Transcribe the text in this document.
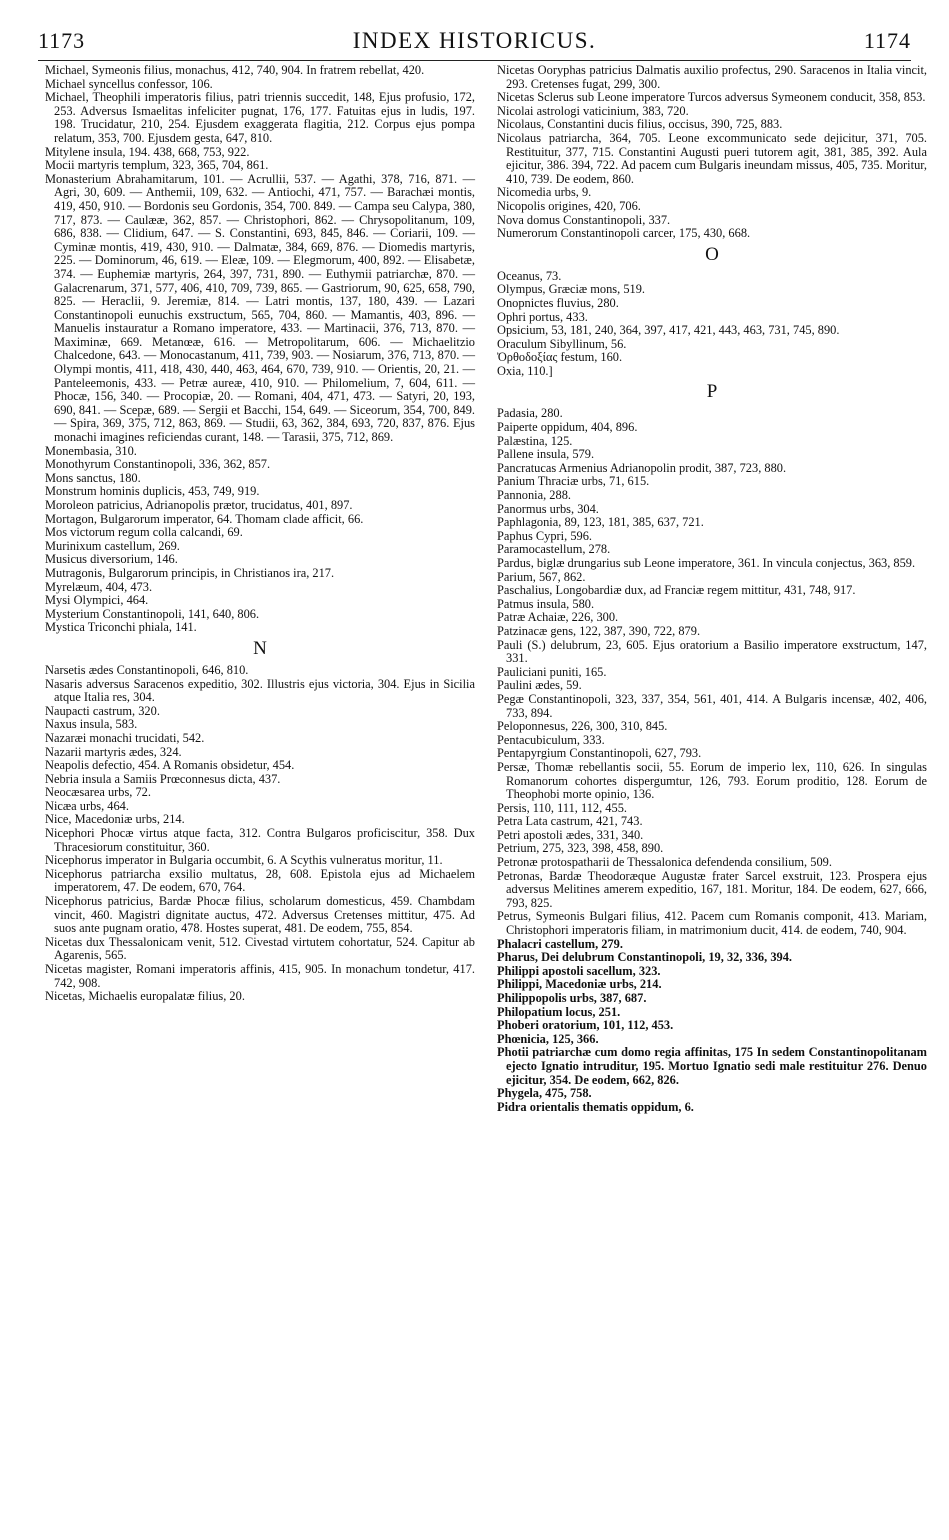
1173	INDEX HISTORICUS.	1174
Michael, Symeonis filius, monachus, 412, 740, 904. In fratrem rebellat, 420.
Michael syncellus confessor, 106.
Michael, Theophili imperatoris filius, patri triennis succedit, 148, Ejus profusio, 172, 253. Adversus Ismaelitas infeliciter pugnat, 176, 177. Fatuitas ejus in ludis, 197. 198. Trucidatur, 210, 254. Ejusdem exaggerata flagitia, 212. Corpus ejus pompa relatum, 353, 700. Ejusdem gesta, 647, 810.
Mitylene insula, 194. 438, 668, 753, 922.
Mocii martyris templum, 323, 365, 704, 861.
Monasterium Abrahamitarum, 101. — Acrullii, 537. — Agathi, 378, 716, 871. — Agri, 30, 609. — Anthemii, 109, 632. — Antiochi, 471, 757. — Barachæi montis, 419, 450, 910. — Bordonis seu Gordonis, 354, 700. 849. — Campa seu Calypa, 380, 717, 873. — Caulææ, 362, 857. — Christophori, 862. — Chrysopolitanum, 109, 686, 838. — Clidium, 647. — S. Constantini, 693, 845, 846. — Coriarii, 109. — Cyminæ montis, 419, 430, 910. — Dalmatæ, 384, 669, 876. — Diomedis martyris, 225. — Dominorum, 46, 619. — Eleæ, 109. — Elegmorum, 400, 892. — Elisabetæ, 374. — Euphemiæ martyris, 264, 397, 731, 890. — Euthymii patriarchæ, 870. — Galacrenarum, 371, 577, 406, 410, 709, 739, 865. — Gastriorum, 90, 625, 658, 790, 825. — Heraclii, 9. Jeremiæ, 814. — Latri montis, 137, 180, 439. — Lazari Constantinopoli eunuchis exstructum, 565, 704, 860. — Mamantis, 403, 896. — Manuelis instauratur a Romano imperatore, 433. — Martinacii, 376, 713, 870. — Maximinæ, 669. Metanœæ, 616. — Metropolitarum, 606. — Michaelitzio Chalcedone, 643. — Monocastanum, 411, 739, 903. — Nosiarum, 376, 713, 870. — Olympi montis, 411, 418, 430, 440, 463, 464, 670, 739, 910. — Orientis, 20, 21. — Panteleemonis, 433. — Petræ aureæ, 410, 910. — Philomelium, 7, 604, 611. — Phocæ, 156, 340. — Procopiæ, 20. — Romani, 404, 471, 473. — Satyri, 20, 193, 690, 841. — Scepæ, 689. — Sergii et Bacchi, 154, 649. — Siceorum, 354, 700, 849. — Spira, 369, 375, 712, 863, 869. — Studii, 63, 362, 384, 693, 720, 837, 876. Ejus monachi imagines reficiendas curant, 148. — Tarasii, 375, 712, 869.
Monembasia, 310.
Monothyrum Constantinopoli, 336, 362, 857.
Mons sanctus, 180.
Monstrum hominis duplicis, 453, 749, 919.
Moroleon patricius, Adrianopolis prætor, trucidatus, 401, 897.
Mortagon, Bulgarorum imperator, 64. Thomam clade afficit, 66.
Mos victorum regum colla calcandi, 69.
Murinixum castellum, 269.
Musicus diversorium, 146.
Mutragonis, Bulgarorum principis, in Christianos ira, 217.
Myrelæum, 404, 473.
Mysi Olympici, 464.
Mysterium Constantinopoli, 141, 640, 806.
Mystica Triconchi phiala, 141.
N
Narsetis ædes Constantinopoli, 646, 810.
Nasaris adversus Saracenos expeditio, 302. Illustris ejus victoria, 304. Ejus in Sicilia atque Italia res, 304.
Naupacti castrum, 320.
Naxus insula, 583.
Nazaræi monachi trucidati, 542.
Nazarii martyris ædes, 324.
Neapolis defectio, 454. A Romanis obsidetur, 454.
Nebria insula a Samiis Prœconnesus dicta, 437.
Neocæsarea urbs, 72.
Nicæa urbs, 464.
Nice, Macedoniæ urbs, 214.
Nicephori Phocæ virtus atque facta, 312. Contra Bulgaros proficiscitur, 358. Dux Thracesiorum constituitur, 360.
Nicephorus imperator in Bulgaria occumbit, 6. A Scythis vulneratus moritur, 11.
Nicephorus patriarcha exsilio multatus, 28, 608. Epistola ejus ad Michaelem imperatorem, 47. De eodem, 670, 764.
Nicephorus patricius, Bardæ Phocæ filius, scholarum domesticus, 459. Chambdam vincit, 460. Magistri dignitate auctus, 472. Adversus Cretenses mittitur, 475. Ad suos ante pugnam oratio, 478. Hostes superat, 481. De eodem, 755, 854.
Nicetas dux Thessalonicam venit, 512. Civestad virtutem cohortatur, 524. Capitur ab Agarenis, 565.
Nicetas magister, Romani imperatoris affinis, 415, 905. In monachum tondetur, 417. 742, 908.
Nicetas, Michaelis europalatæ filius, 20.
Nicetas Ooryphas patricius Dalmatis auxilio profectus, 290. Saracenos in Italia vincit, 293. Cretenses fugat, 299, 300.
Nicetas Sclerus sub Leone imperatore Turcos adversus Symeonem conducit, 358, 853.
Nicolai astrologi vaticinium, 383, 720.
Nicolaus, Constantini ducis filius, occisus, 390, 725, 883.
Nicolaus patriarcha, 364, 705. Leone excommunicato sede dejicitur, 371, 705. Restituitur, 377, 715. Constantini Augusti pueri tutorem agit, 381, 385, 392. Aula ejicitur, 386. 394, 722. Ad pacem cum Bulgaris ineundam missus, 405, 735. Moritur, 410, 739. De eodem, 860.
Nicomedia urbs, 9.
Nicopolis origines, 420, 706.
Nova domus Constantinopoli, 337.
Numerorum Constantinopoli carcer, 175, 430, 668.
O
Oceanus, 73.
Olympus, Græciæ mons, 519.
Onopnictes fluvius, 280.
Ophri portus, 433.
Opsicium, 53, 181, 240, 364, 397, 417, 421, 443, 463, 731, 745, 890.
Oraculum Sibyllinum, 56.
Ὀρθοδοξίας festum, 160.
Oxia, 110.]
P
Padasia, 280.
Paiperte oppidum, 404, 896.
Palæstina, 125.
Pallene insula, 579.
Pancratucas Armenius Adrianopolin prodit, 387, 723, 880.
Panium Thraciæ urbs, 71, 615.
Pannonia, 288.
Panormus urbs, 304.
Paphlagonia, 89, 123, 181, 385, 637, 721.
Paphus Cypri, 596.
Paramocastellum, 278.
Pardus, biglæ drungarius sub Leone imperatore, 361. In vincula conjectus, 363, 859.
Parium, 567, 862.
Paschalius, Longobardiæ dux, ad Franciæ regem mittitur, 431, 748, 917.
Patmus insula, 580.
Patræ Achaiæ, 226, 300.
Patzinacæ gens, 122, 387, 390, 722, 879.
Pauli (S.) delubrum, 23, 605. Ejus oratorium a Basilio imperatore exstructum, 147, 331.
Pauliciani puniti, 165.
Paulini ædes, 59.
Pegæ Constantinopoli, 323, 337, 354, 561, 401, 414. A Bulgaris incensæ, 402, 406, 733, 894.
Peloponnesus, 226, 300, 310, 845.
Pentacubiculum, 333.
Pentapyrgium Constantinopoli, 627, 793.
Persæ, Thomæ rebellantis socii, 55. Eorum de imperio lex, 110, 626. In singulas Romanorum cohortes dispergumtur, 126, 793. Eorum proditio, 128. Eorum de Theophobi morte opinio, 136.
Persis, 110, 111, 112, 455.
Petra Lata castrum, 421, 743.
Petri apostoli ædes, 331, 340.
Petrium, 275, 323, 398, 458, 890.
Petronæ protospatharii de Thessalonica defendenda consilium, 509.
Petronas, Bardæ Theodoræque Augustæ frater Sarcel exstruit, 123. Prospera ejus adversus Melitines amerem expeditio, 167, 181. Moritur, 184. De eodem, 627, 666, 793, 825.
Petrus, Symeonis Bulgari filius, 412. Pacem cum Romanis componit, 413. Mariam, Christophori imperatoris filiam, in matrimonium ducit, 414. de eodem, 740, 904.
Phalacri castellum, 279.
Pharus, Dei delubrum Constantinopoli, 19, 32, 336, 394.
Philippi apostoli sacellum, 323.
Philippi, Macedoniæ urbs, 214.
Philippopolis urbs, 387, 687.
Philopatium locus, 251.
Phoberi oratorium, 101, 112, 453.
Phœnicia, 125, 366.
Photii patriarchæ cum domo regia affinitas, 175 In sedem Constantinopolitanam ejecto Ignatio intruditur, 195. Mortuo Ignatio sedi male restituitur 276. Denuo ejicitur, 354. De eodem, 662, 826.
Phygela, 475, 758.
Pidra orientalis thematis oppidum, 6.
